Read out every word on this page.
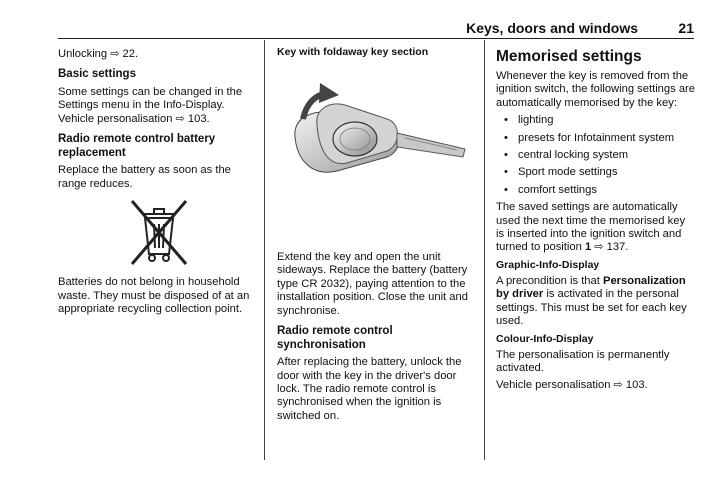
Keys, doors and windows	21

Unlocking ⇨ 22.

Basic settings

Some settings can be changed in the Settings menu in the Info-Display. Vehicle personalisation ⇨ 103.

Radio remote control battery replacement

Replace the battery as soon as the range reduces.

Batteries do not belong in household waste. They must be disposed of at an appropriate recycling collection point.

Key with foldaway key section

Extend the key and open the unit sideways. Replace the battery (battery type CR 2032), paying attention to the installation position. Close the unit and synchronise.

Radio remote control synchronisation

After replacing the battery, unlock the door with the key in the driver's door lock. The radio remote control is synchronised when the ignition is switched on.

Memorised settings

Whenever the key is removed from the ignition switch, the following settings are automatically memorised by the key:

• lighting
• presets for Infotainment system
• central locking system
• Sport mode settings
• comfort settings

The saved settings are automatically used the next time the memorised key is inserted into the ignition switch and turned to position 1 ⇨ 137.

Graphic-Info-Display

A precondition is that Personalization by driver is activated in the personal settings. This must be set for each key used.

Colour-Info-Display

The personalisation is permanently activated.

Vehicle personalisation ⇨ 103.
